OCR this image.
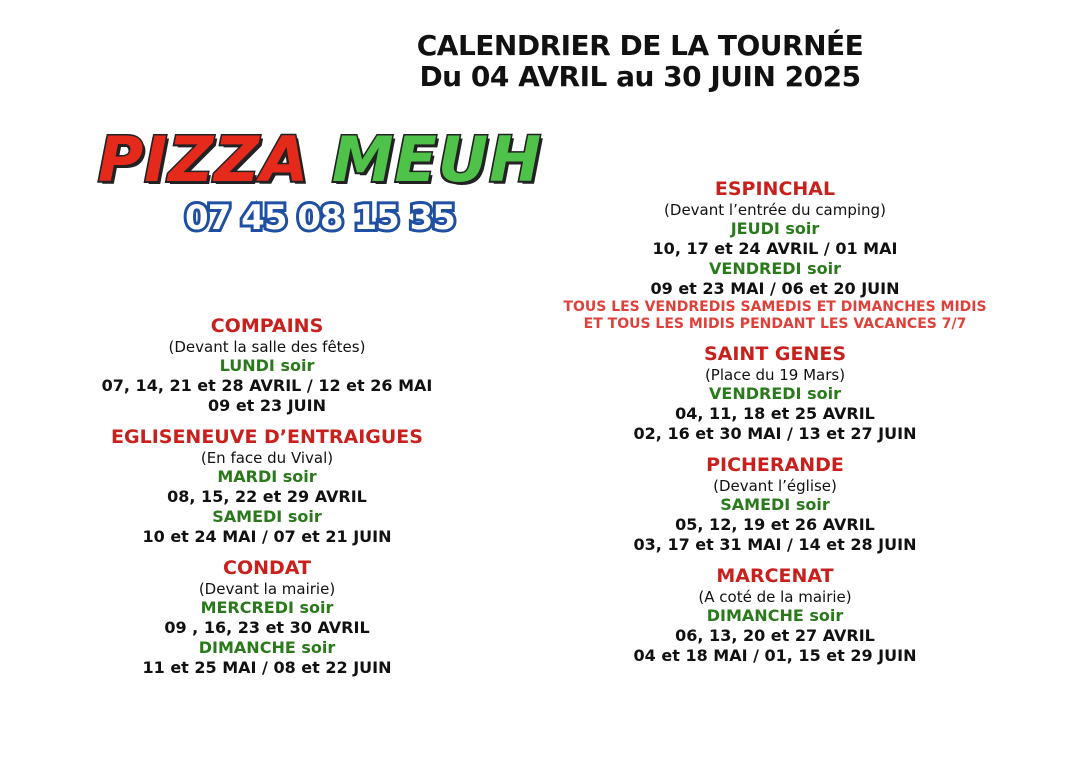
CALENDRIER DE LA TOURNÉE
Du 04 AVRIL au 30 JUIN 2025
PIZZA MEUH
07 45 08 15 35
COMPAINS
(Devant la salle des fêtes)
LUNDI soir
07, 14, 21 et 28 AVRIL / 12 et 26 MAI
09 et 23 JUIN
EGLISENEUVE D’ENTRAIGUES
(En face du Vival)
MARDI soir
08, 15, 22 et 29 AVRIL
SAMEDI soir
10 et 24 MAI / 07 et 21 JUIN
CONDAT
(Devant la mairie)
MERCREDI soir
09 , 16, 23 et 30 AVRIL
DIMANCHE soir
11 et 25 MAI / 08 et 22 JUIN
ESPINCHAL
(Devant l’entrée du camping)
JEUDI soir
10, 17 et 24 AVRIL / 01 MAI
VENDREDI soir
09 et 23 MAI / 06 et 20 JUIN
TOUS LES VENDREDIS SAMEDIS ET DIMANCHES MIDIS
ET TOUS LES MIDIS PENDANT LES VACANCES 7/7
SAINT GENES
(Place du 19 Mars)
VENDREDI soir
04, 11, 18 et 25 AVRIL
02, 16 et 30 MAI / 13 et 27 JUIN
PICHERANDE
(Devant l’église)
SAMEDI soir
05, 12, 19 et 26 AVRIL
03, 17 et 31 MAI / 14 et 28 JUIN
MARCENAT
(A coté de la mairie)
DIMANCHE soir
06, 13, 20 et 27 AVRIL
04 et 18 MAI / 01, 15 et 29 JUIN
